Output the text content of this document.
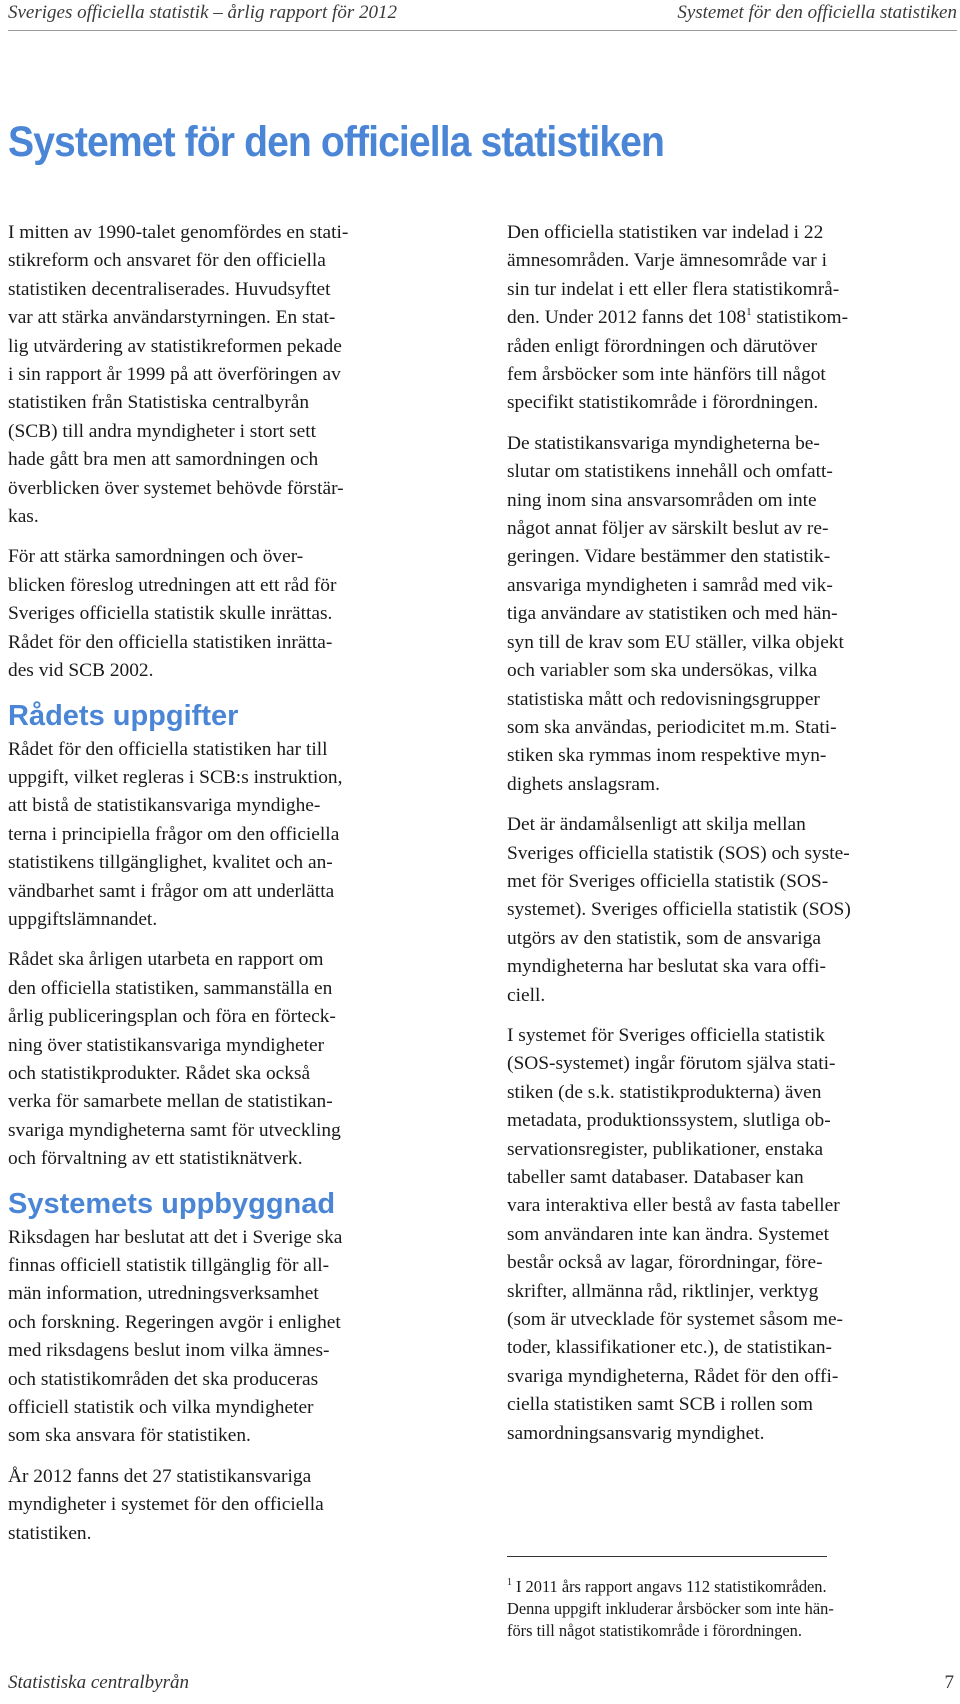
Sveriges officiella statistik – årlig rapport för 2012	Systemet för den officiella statistiken
Systemet för den officiella statistiken

I mitten av 1990-talet genomfördes en stati-
stikreform och ansvaret för den officiella
statistiken decentraliserades. Huvudsyftet
var att stärka användarstyrningen. En stat-
lig utvärdering av statistikreformen pekade
i sin rapport år 1999 på att överföringen av
statistiken från Statistiska centralbyrån
(SCB) till andra myndigheter i stort sett
hade gått bra men att samordningen och
överblicken över systemet behövde förstär-
kas.

För att stärka samordningen och över-
blicken föreslog utredningen att ett råd för
Sveriges officiella statistik skulle inrättas.
Rådet för den officiella statistiken inrätta-
des vid SCB 2002.

Rådets uppgifter

Rådet för den officiella statistiken har till
uppgift, vilket regleras i SCB:s instruktion,
att bistå de statistikansvariga myndighe-
terna i principiella frågor om den officiella
statistikens tillgänglighet, kvalitet och an-
vändbarhet samt i frågor om att underlätta
uppgiftslämnandet.

Rådet ska årligen utarbeta en rapport om
den officiella statistiken, sammanställa en
årlig publiceringsplan och föra en förteck-
ning över statistikansvariga myndigheter
och statistikprodukter. Rådet ska också
verka för samarbete mellan de statistikan-
svariga myndigheterna samt för utveckling
och förvaltning av ett statistiknätverk.

Systemets uppbyggnad

Riksdagen har beslutat att det i Sverige ska
finnas officiell statistik tillgänglig för all-
män information, utredningsverksamhet
och forskning. Regeringen avgör i enlighet
med riksdagens beslut inom vilka ämnes-
och statistikområden det ska produceras
officiell statistik och vilka myndigheter
som ska ansvara för statistiken.

År 2012 fanns det 27 statistikansvariga
myndigheter i systemet för den officiella
statistiken.

Den officiella statistiken var indelad i 22
ämnesområden. Varje ämnesområde var i
sin tur indelat i ett eller flera statistikområ-
den. Under 2012 fanns $\det 108^1$ statistikom-
råden enligt förordningen och därutöver
fem årsböcker som inte hänförs till något
specifikt statistikområde i förordningen.

De statistikansvariga myndigheterna be-
slutar om statistikens innehåll och omfatt-
ning inom sina ansvarsområden om inte
något annat följer av särskilt beslut av re-
geringen. Vidare bestämmer den statistik-
ansvariga myndigheten i samråd med vik-
tiga användare av statistiken och med hän-
syn till de krav som EU ställer, vilka objekt
och variabler som ska undersökas, vilka
statistiska mått och redovisningsgrupper
som ska användas, periodicitet m.m. Stati-
stiken ska rymmas inom respektive myn-
dighets anslagsram.

Det är ändamålsenligt att skilja mellan
Sveriges officiella statistik (SOS) och syste-
met för Sveriges officiella statistik (SOS-
systemet). Sveriges officiella statistik (SOS)
utgörs av den statistik, som de ansvariga
myndigheterna har beslutat ska vara offi-
ciell.

I systemet för Sveriges officiella statistik
(SOS-systemet) ingår förutom själva stati-
stiken (de s.k. statistikprodukterna) även
metadata, produktionssystem, slutliga ob-
servationsregister, publikationer, enstaka
tabeller samt databaser. Databaser kan
vara interaktiva eller bestå av fasta tabeller
som användaren inte kan ändra. Systemet
består också av lagar, förordningar, före-
skrifter, allmänna råd, riktlinjer, verktyg
(som är utvecklade för systemet såsom me-
toder, klassifikationer etc.), de statistikan-
svariga myndigheterna, Rådet för den offi-
ciella statistiken samt SCB i rollen som
samordningsansvarig myndighet.

$^1$ I 2011 års rapport angavs 112 statistikområden.
Denna uppgift inkluderar årsböcker som inte hän-
förs till något statistikområde i förordningen.
Statistiska centralbyrån	7
